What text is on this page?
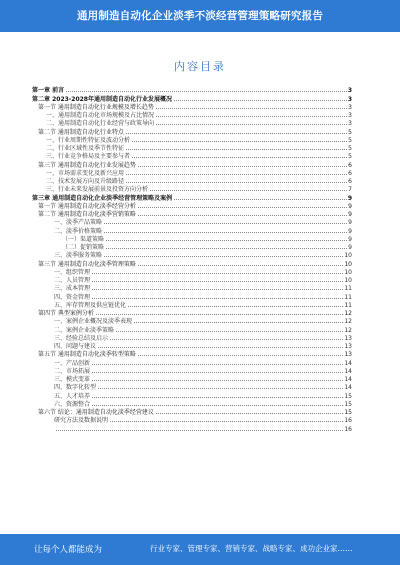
通用制造自动化企业淡季不淡经营管理策略研究报告
内容目录
第一章 前言	3
第二章 2023-2028年通用制造自动化行业发展概况	3
第一节 通用制造自动化行业规模及增长趋势	3
一、通用制造自动化市场规模及占比情况	3
二、通用制造自动化行业经营与政策导向	3
第二节 通用制造自动化行业特点	5
一、行业周期性特征及波动分析	5
二、行业区域性及季节性特征	5
三、行业竞争格局及主要参与者	5
第三节 通用制造自动化行业发展趋势	6
一、市场需求变化及新兴应用	6
二、技术发展方向及升级路径	6
三、行业未来发展前景及投资方向分析	7
第三章 通用制造自动化企业淡季经营管理策略及案例	9
第一节 通用制造自动化淡季经营分析	9
第二节 通用制造自动化淡季营销策略	9
一、淡季产品策略	9
二、淡季价格策略	9
（一）渠道策略	9
（二）促销策略	9
三、淡季服务策略	10
第三节 通用制造自动化淡季管理策略	10
一、组织管理	10
二、人员管理	10
三、成本管理	11
四、资金管理	11
五、库存管理及供应链优化	11
第四节 典型案例分析	12
一、案例企业概况及淡季表现	12
二、案例企业淡季策略	12
三、经验总结及启示	13
四、问题与建议	13
第五节 通用制造自动化淡季转型策略	13
一、产品创新	14
二、市场拓展	14
三、模式变革	14
四、数字化转型	14
五、人才培养	15
六、资源整合	15
第六节 结论：通用制造自动化淡季经营建议	15
研究方法及数据说明	16
16
让每个人都能成为	行业专家、管理专家、营销专家、战略专家、成功企业家……
